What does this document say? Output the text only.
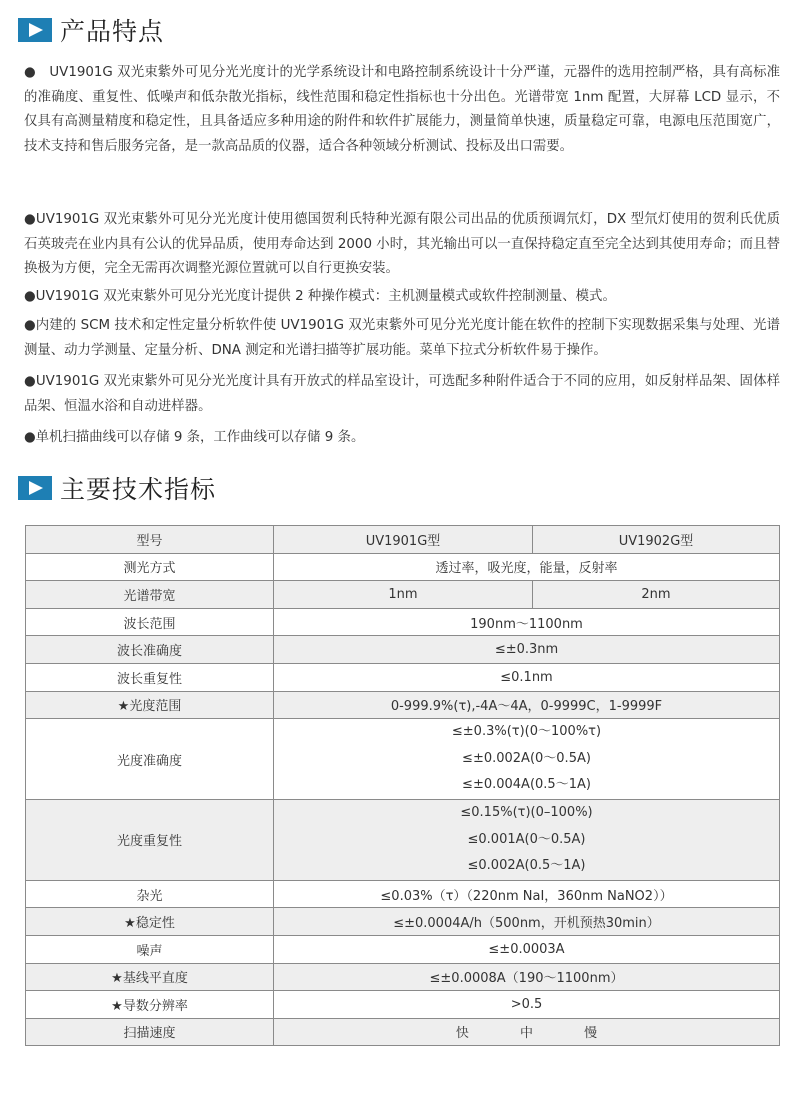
产品特点

●　UV1901G 双光束紫外可见分光光度计的光学系统设计和电路控制系统设计十分严谨，元器件的选用控制严格，具有高标准的准确度、重复性、低噪声和低杂散光指标，线性范围和稳定性指标也十分出色。光谱带宽 1nm 配置，大屏幕 LCD 显示，不仅具有高测量精度和稳定性，且具备适应多种用途的附件和软件扩展能力，测量简单快速，质量稳定可靠，电源电压范围宽广，技术支持和售后服务完备，是一款高品质的仪器，适合各种领域分析测试、投标及出口需要。

●UV1901G 双光束紫外可见分光光度计使用德国贺利氏特种光源有限公司出品的优质预调氘灯，DX 型氘灯使用的贺利氏优质石英玻壳在业内具有公认的优异品质，使用寿命达到 2000 小时，其光输出可以一直保持稳定直至完全达到其使用寿命；而且替换极为方便，完全无需再次调整光源位置就可以自行更换安装。

●UV1901G 双光束紫外可见分光光度计提供 2 种操作模式：主机测量模式或软件控制测量、模式。

●内建的 SCM 技术和定性定量分析软件使 UV1901G 双光束紫外可见分光光度计能在软件的控制下实现数据采集与处理、光谱测量、动力学测量、定量分析、DNA 测定和光谱扫描等扩展功能。菜单下拉式分析软件易于操作。

●UV1901G 双光束紫外可见分光光度计具有开放式的样品室设计，可选配多种附件适合于不同的应用，如反射样品架、固体样品架、恒温水浴和自动进样器。

●单机扫描曲线可以存储 9 条，工作曲线可以存储 9 条。

主要技术指标
型号	UV1901G型	UV1902G型
测光方式	透过率，吸光度，能量，反射率	
光谱带宽	1nm	2nm
波长范围	190nm～1100nm	
波长准确度	≤±0.3nm	
波长重复性	≤0.1nm	
★光度范围	0-999.9%(τ),-4A～4A，0-9999C，1-9999F	
光度准确度	≤±0.3%(τ)(0～100%τ)
≤±0.002A(0～0.5A)
≤±0.004A(0.5～1A)	

光度重复性	≤0.15%(τ)(0–100%)
≤0.001A(0～0.5A)
≤0.002A(0.5～1A)	

杂光	≤0.03%（τ）（220nm NaI，360nm NaNO2））	
★稳定性	≤±0.0004A/h（500nm，开机预热30min）	
噪声	≤±0.0003A	
★基线平直度	≤±0.0008A（190～1100nm）	
★导数分辨率	>0.5	
扫描速度	快 中 慢	
